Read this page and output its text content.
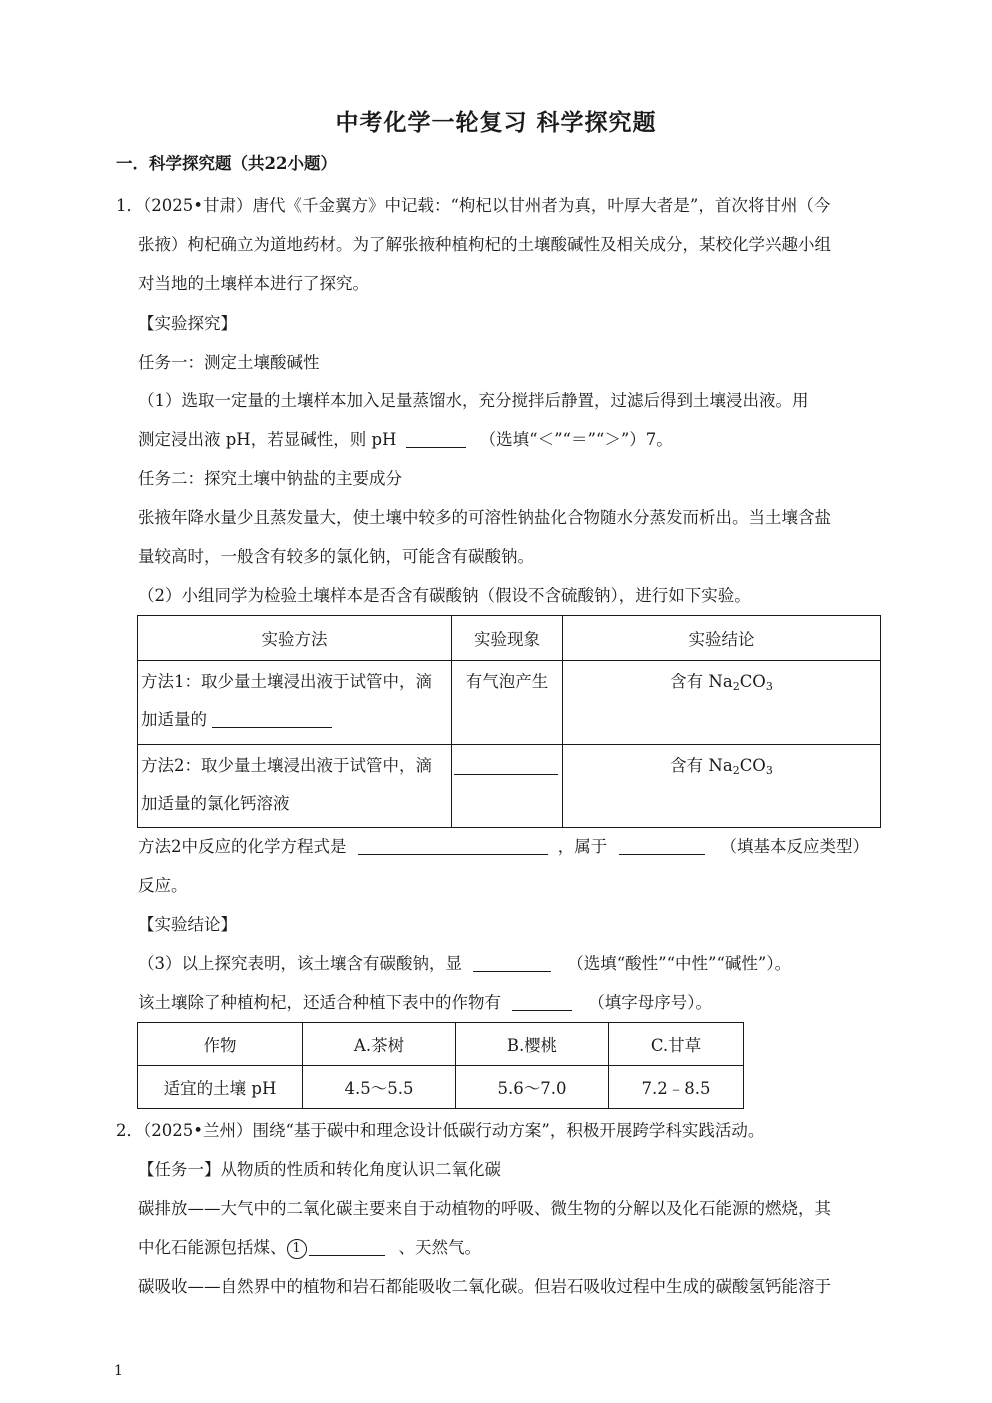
中考化学一轮复习 科学探究题
一．科学探究题（共22小题）
1．（2025•甘肃）唐代《千金翼方》中记载：“枸杞以甘州者为真，叶厚大者是”，首次将甘州（今
张掖）枸杞确立为道地药材。为了解张掖种植枸杞的土壤酸碱性及相关成分，某校化学兴趣小组
对当地的土壤样本进行了探究。
【实验探究】
任务一：测定土壤酸碱性
（1）选取一定量的土壤样本加入足量蒸馏水，充分搅拌后静置，过滤后得到土壤浸出液。用
测定浸出液 pH，若显碱性，则 pH	（选填“＜”“＝”“＞”）7。
任务二：探究土壤中钠盐的主要成分
张掖年降水量少且蒸发量大，使土壤中较多的可溶性钠盐化合物随水分蒸发而析出。当土壤含盐
量较高时，一般含有较多的氯化钠，可能含有碳酸钠。
（2）小组同学为检验土壤样本是否含有碳酸钠（假设不含硫酸钠），进行如下实验。
实验方法	实验现象	实验结论

方法1：取少量土壤浸出液于试管中，滴
加适量的	有气泡产生	含有 $Na_2CO_3$

方法2：取少量土壤浸出液于试管中，滴
加适量的氯化钙溶液		含有 $Na_2CO_3$
方法2中反应的化学方程式是	，属于	（填基本反应类型）
反应。
【实验结论】
（3）以上探究表明，该土壤含有碳酸钠，显	（选填“酸性”“中性”“碱性”）。
该土壤除了种植枸杞，还适合种植下表中的作物有	（填字母序号）。
作物	A.茶树	B.樱桃	C.甘草
适宜的土壤 pH	4.5～5.5	5.6～7.0	7.2﹣8.5
2．（2025•兰州）围绕“基于碳中和理念设计低碳行动方案”，积极开展跨学科实践活动。
【任务一】从物质的性质和转化角度认识二氧化碳
碳排放——大气中的二氧化碳主要来自于动植物的呼吸、微生物的分解以及化石能源的燃烧，其
中化石能源包括煤、 1	、天然气。
碳吸收——自然界中的植物和岩石都能吸收二氧化碳。但岩石吸收过程中生成的碳酸氢钙能溶于
1
